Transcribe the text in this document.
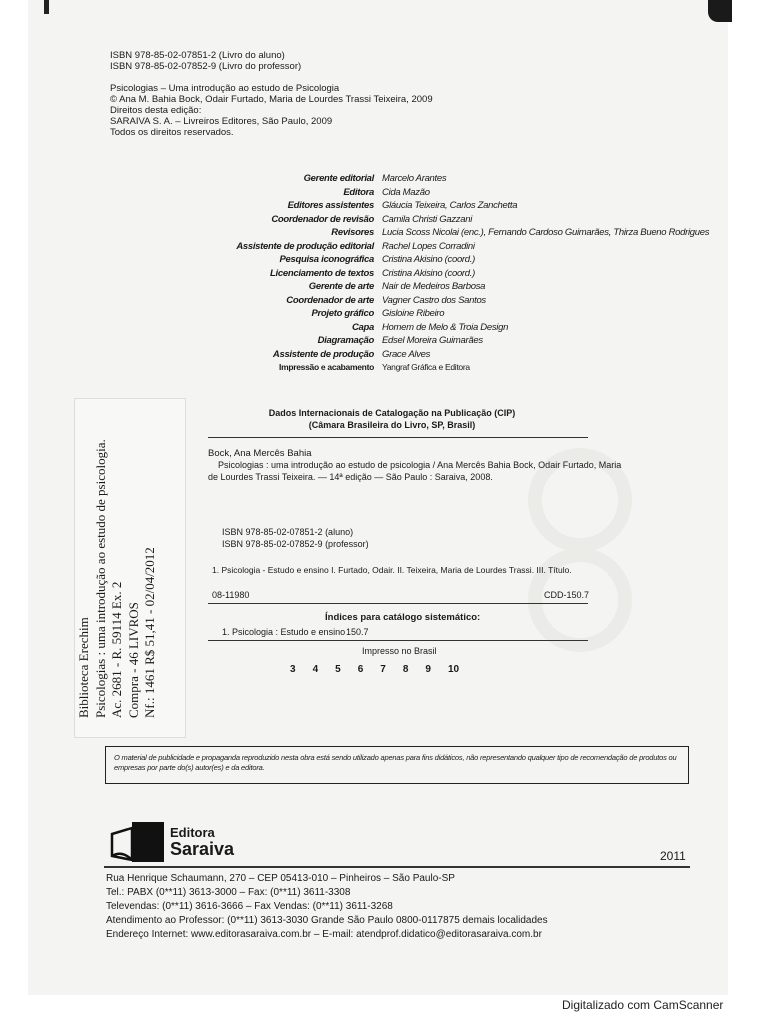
ISBN 978-85-02-07851-2 (Livro do aluno)
ISBN 978-85-02-07852-9 (Livro do professor)
Psicologias – Uma introdução ao estudo de Psicologia
© Ana M. Bahia Bock, Odair Furtado, Maria de Lourdes Trassi Teixeira, 2009
Direitos desta edição:
SARAIVA S. A. – Livreiros Editores, São Paulo, 2009
Todos os direitos reservados.
Gerente editorial Marcelo Arantes
Editora Cida Mazão
Editores assistentes Gláucia Teixeira, Carlos Zanchetta
Coordenador de revisão Camila Christi Gazzani
Revisores Lucia Scoss Nicolai (enc.), Fernando Cardoso Guimarães, Thirza Bueno Rodrigues
Assistente de produção editorial Rachel Lopes Corradini
Pesquisa iconográfica Cristina Akisino (coord.)
Licenciamento de textos Cristina Akisino (coord.)
Gerente de arte Nair de Medeiros Barbosa
Coordenador de arte Vagner Castro dos Santos
Projeto gráfico Gisloine Ribeiro
Capa Homem de Melo & Troia Design
Diagramação Edsel Moreira Guimarães
Assistente de produção Grace Alves
Impressão e acabamento Yangraf Gráfica e Editora
Dados Internacionais de Catalogação na Publicação (CIP)
(Câmara Brasileira do Livro, SP, Brasil)
Bock, Ana Mercês Bahia
Psicologias : uma introdução ao estudo de psicologia / Ana Mercês Bahia Bock, Odair Furtado, Maria
de Lourdes Trassi Teixeira. — 14ª edição — São Paulo : Saraiva, 2008.
ISBN 978-85-02-07851-2 (aluno)
ISBN 978-85-02-07852-9 (professor)
1. Psicologia - Estudo e ensino I. Furtado, Odair. II. Teixeira, Maria de Lourdes Trassi. III. Título.
08-11980	CDD-150.7
Índices para catálogo sistemático:
1. Psicologia : Estudo e ensino 150.7
Impresso no Brasil
3 4 5 6 7 8 9 10
Biblioteca Erechim Psicologias : uma introdução ao estudo de psicologia. Ac. 2681 - R. 59114 Ex. 2 Compra - 46 LIVROS Nf.: 1461 R$ 51,41 - 02/04/2012
O material de publicidade e propaganda reproduzido nesta obra está sendo utilizado apenas para fins didáticos, não representando qualquer tipo de recomendação de produtos ou empresas por parte do(s) autor(es) e da editora.
Editora
Saraiva	2011
Rua Henrique Schaumann, 270 – CEP 05413-010 – Pinheiros – São Paulo-SP
Tel.: PABX (0**11) 3613-3000 – Fax: (0**11) 3611-3308
Televendas: (0**11) 3616-3666 – Fax Vendas: (0**11) 3611-3268
Atendimento ao Professor: (0**11) 3613-3030 Grande São Paulo 0800-0117875 demais localidades
Endereço Internet: www.editorasaraiva.com.br – E-mail: atendprof.didatico@editorasaraiva.com.br
Digitalizado com CamScanner
